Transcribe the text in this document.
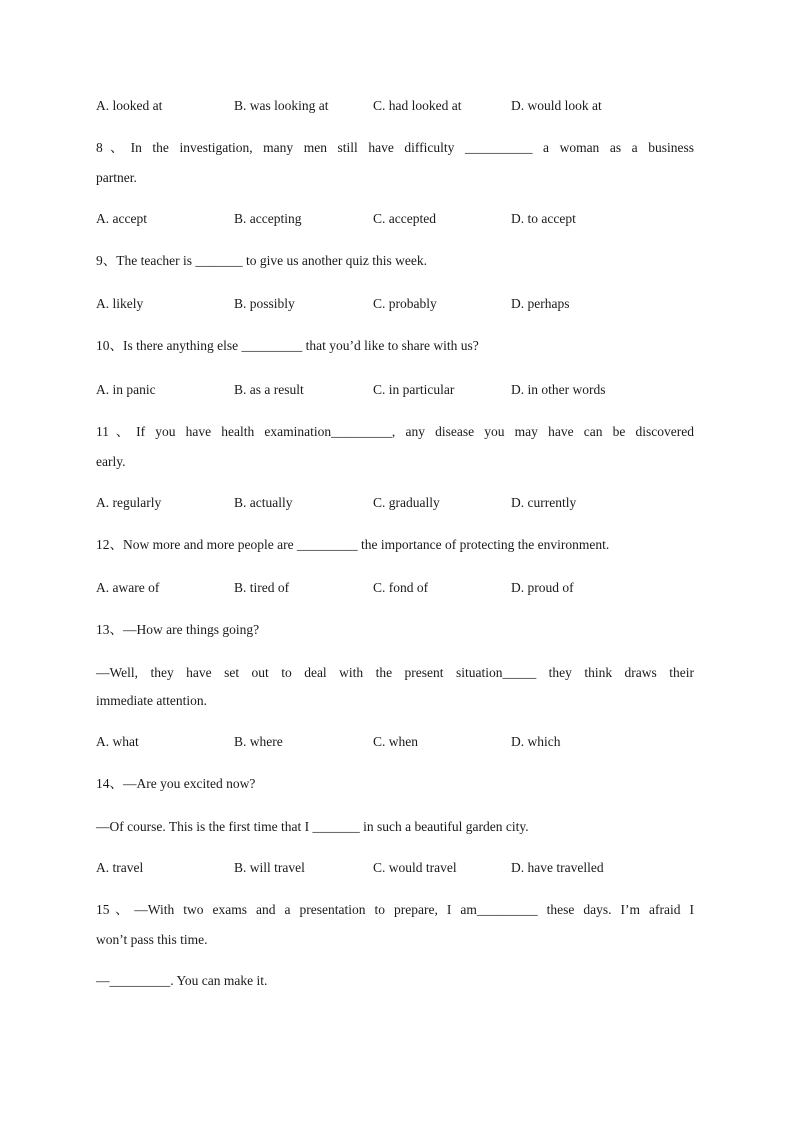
A. looked at	B. was looking at	C. had looked at	D. would look at
8、In the investigation, many men still have difficulty __________ a woman as a business
partner.
A. accept	B. accepting	C. accepted	D. to accept
9、The teacher is _______ to give us another quiz this week.
A. likely	B. possibly	C. probably	D. perhaps
10、Is there anything else _________ that you’d like to share with us?
A. in panic	B. as a result	C. in particular	D. in other words
11、If you have health examination_________, any disease you may have can be discovered
early.
A. regularly	B. actually	C. gradually	D. currently
12、Now more and more people are _________ the importance of protecting the environment.
A. aware of	B. tired of	C. fond of	D. proud of
13、—How are things going?
—Well, they have set out to deal with the present situation_____ they think draws their
immediate attention.
A. what	B. where	C. when	D. which
14、—Are you excited now?
—Of course. This is the first time that I _______ in such a beautiful garden city.
A. travel	B. will travel	C. would travel	D. have travelled
15、—With two exams and a presentation to prepare, I am_________ these days. I’m afraid I
won’t pass this time.
—_________. You can make it.
